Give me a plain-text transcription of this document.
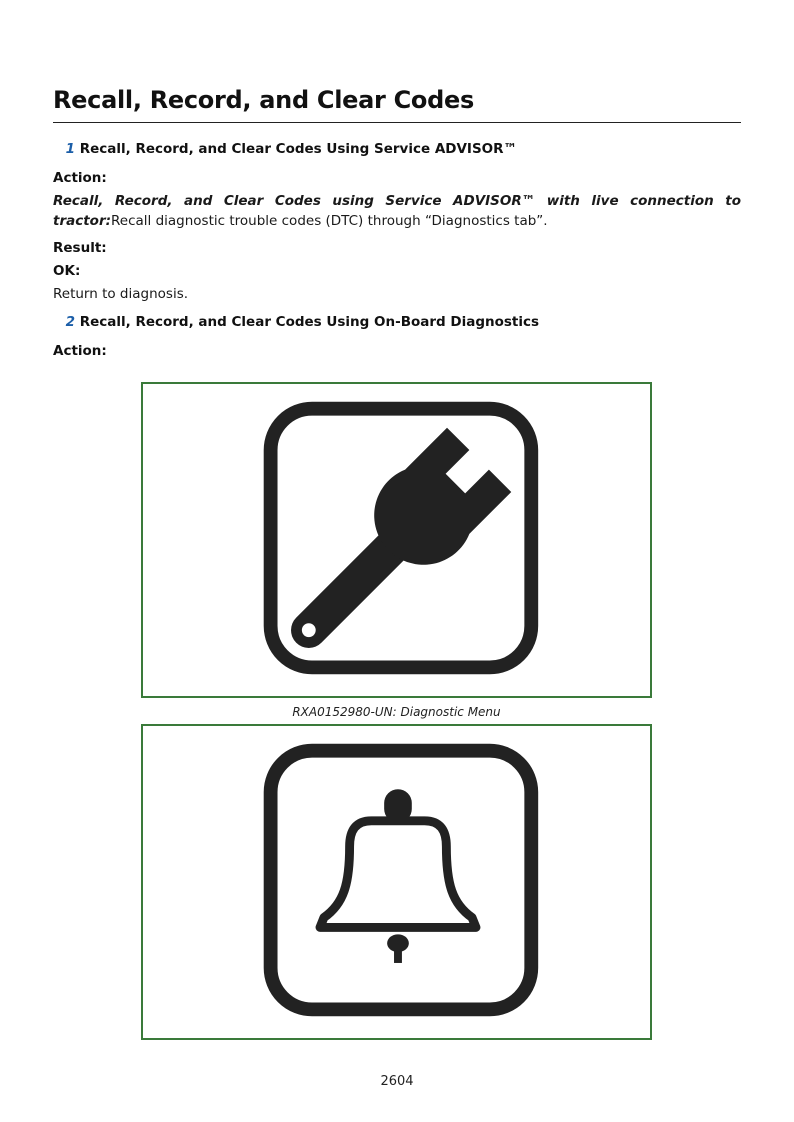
Recall, Record, and Clear Codes
1 Recall, Record, and Clear Codes Using Service ADVISOR™
Action:

Recall, Record, and Clear Codes using Service ADVISOR™ with live connection to tractor:Recall diagnostic trouble codes (DTC) through “Diagnostics tab”.

Result:
OK:

Return to diagnosis.

2 Recall, Record, and Clear Codes Using On-Board Diagnostics
Action:
RXA0152980-UN: Diagnostic Menu
2604
